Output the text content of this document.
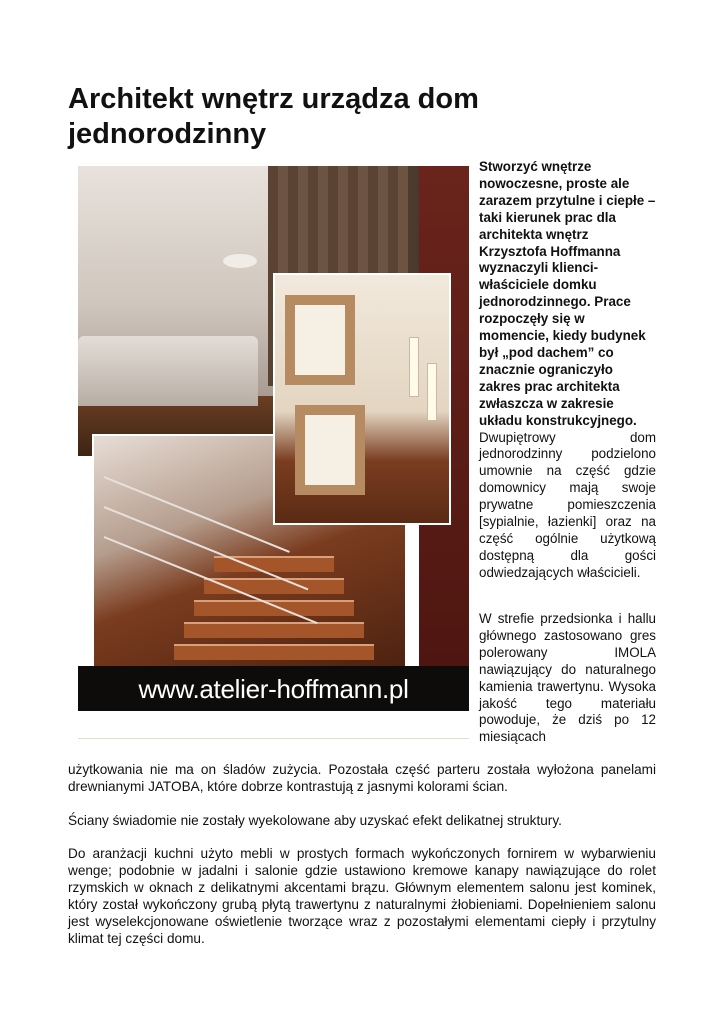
Architekt wnętrz urządza dom jednorodzinny
www.atelier-hoffmann.pl

Stworzyć wnętrze nowoczesne, proste ale zarazem przytulne i ciepłe – taki kierunek prac dla architekta wnętrz Krzysztofa Hoffmanna wyznaczyli klienci- właściciele domku jednorodzinnego. Prace rozpoczęły się w momencie, kiedy budynek był „pod dachem” co znacznie ograniczyło zakres prac architekta zwłaszcza w zakresie układu konstrukcyjnego.

Dwupiętrowy dom jednorodzinny podzielono umownie na część gdzie domownicy mają swoje prywatne pomieszczenia [sypialnie, łazienki] oraz na część ogólnie użytkową dostępną dla gości odwiedzających właścicieli.

W strefie przedsionka i hallu głównego zastosowano gres polerowany IMOLA nawiązujący do naturalnego kamienia trawertynu. Wysoka jakość tego materiału powoduje, że dziś po 12 miesiącach

użytkowania nie ma on śladów zużycia. Pozostała część parteru została wyłożona panelami drewnianymi JATOBA, które dobrze kontrastują z jasnymi kolorami ścian.

Ściany świadomie nie zostały wyekolowane aby uzyskać efekt delikatnej struktury.

Do aranżacji kuchni użyto mebli w prostych formach wykończonych fornirem w wybarwieniu wenge; podobnie w jadalni i salonie gdzie ustawiono kremowe kanapy nawiązujące do rolet rzymskich w oknach z delikatnymi akcentami brązu. Głównym elementem salonu jest kominek, który został wykończony grubą płytą trawertynu z naturalnymi żłobieniami. Dopełnieniem salonu jest wyselekcjonowane oświetlenie tworzące wraz z pozostałymi elementami ciepły i przytulny klimat tej części domu.
